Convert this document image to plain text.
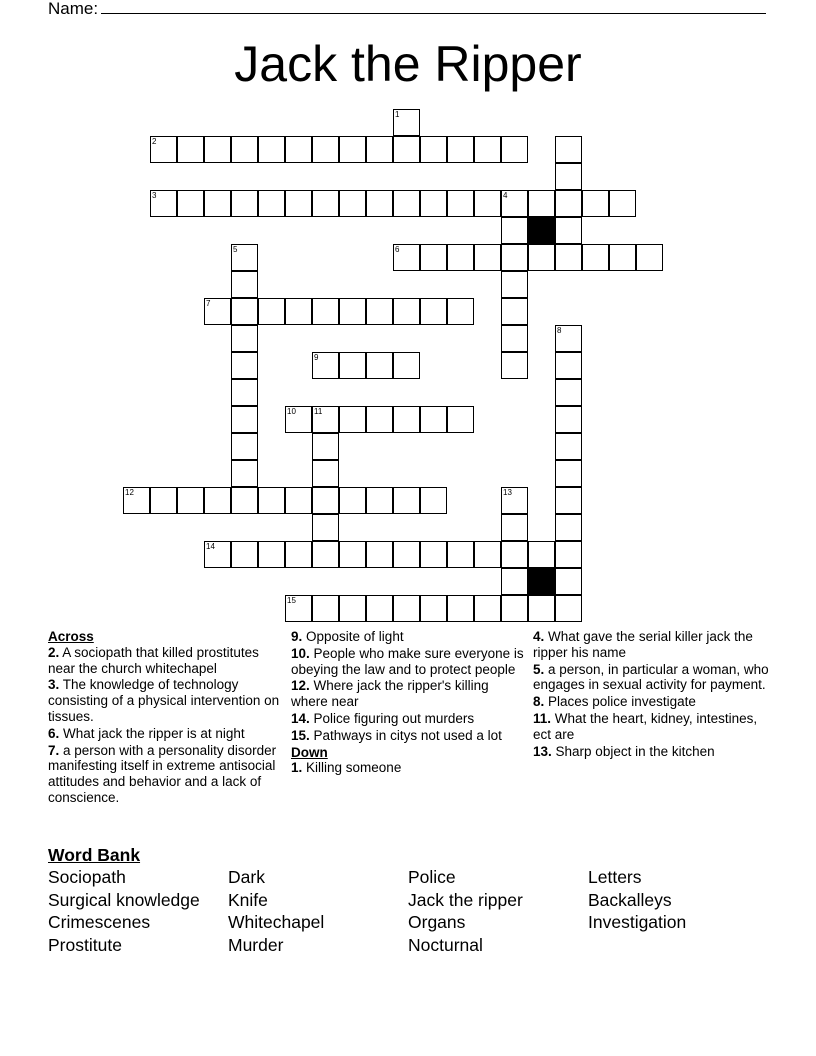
Name:
Jack the Ripper
1
2
3	4
5	6
7
8
9
10 11
12	13
14
15
Across
2. A sociopath that killed prostitutes near the church whitechapel
3. The knowledge of technology consisting of a physical intervention on tissues.
6. What jack the ripper is at night
7. a person with a personality disorder manifesting itself in extreme antisocial attitudes and behavior and a lack of conscience.
9. Opposite of light
10. People who make sure everyone is obeying the law and to protect people
12. Where jack the ripper's killing where near
14. Police figuring out murders
15. Pathways in citys not used a lot
Down
1. Killing someone
4. What gave the serial killer jack the ripper his name
5. a person, in particular a woman, who engages in sexual activity for payment.
8. Places police investigate
11. What the heart, kidney, intestines, ect are
13. Sharp object in the kitchen
Word Bank
Sociopath
Surgical knowledge
Crimescenes
Prostitute
Dark
Knife
Whitechapel
Murder
Police
Jack the ripper
Organs
Nocturnal
Letters
Backalleys
Investigation
